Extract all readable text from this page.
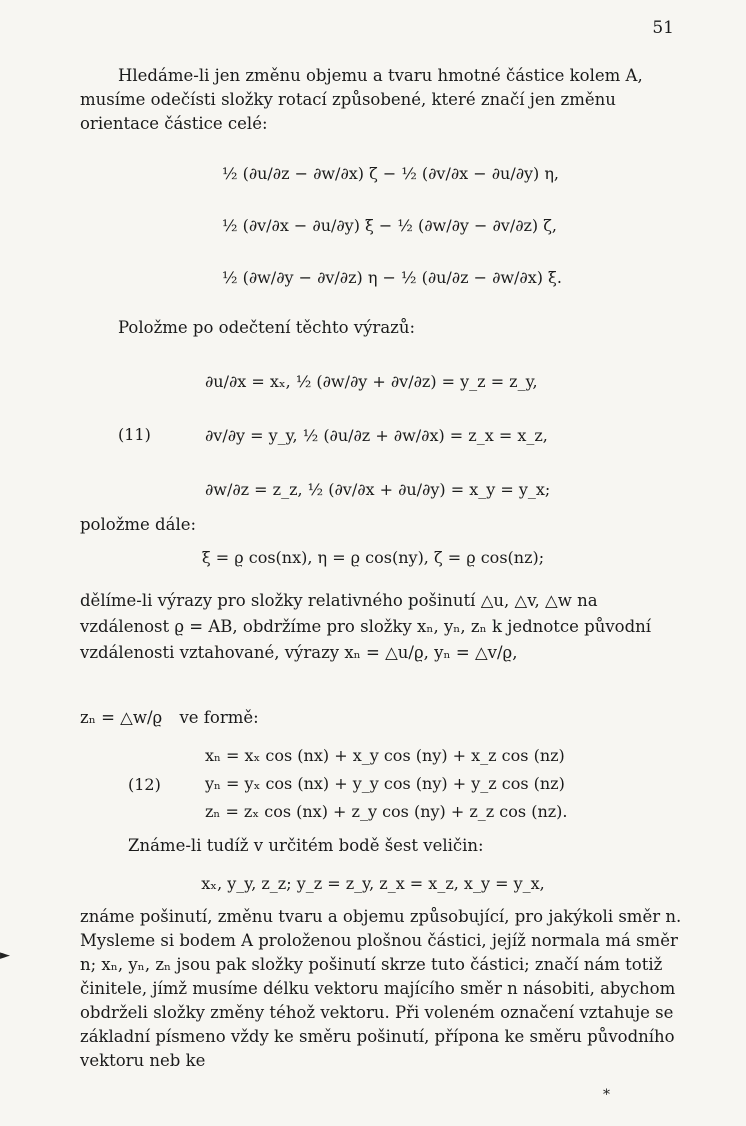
51

Hledáme-li jen změnu objemu a tvaru hmotné částice kolem A, musíme odečísti složky rotací způsobené, které značí jen změnu orientace částice celé:

½ (∂u/∂z − ∂w/∂x) ζ − ½ (∂v/∂x − ∂u/∂y) η,
½ (∂v/∂x − ∂u/∂y) ξ − ½ (∂w/∂y − ∂v/∂z) ζ,
½ (∂w/∂y − ∂v/∂z) η − ½ (∂u/∂z − ∂w/∂x) ξ.
Položme po odečtení těchto výrazů:
(11)
∂u/∂x = xₓ, ½ (∂w/∂y + ∂v/∂z) = y_z = z_y,
∂v/∂y = y_y, ½ (∂u/∂z + ∂w/∂x) = z_x = x_z,
∂w/∂z = z_z, ½ (∂v/∂x + ∂u/∂y) = x_y = y_x;
položme dále:
ξ = ϱ cos(nx), η = ϱ cos(ny), ζ = ϱ cos(nz);

dělíme-li výrazy pro složky relativného pošinutí △u, △v, △w na vzdálenost ϱ = AB, obdržíme pro složky xₙ, yₙ, zₙ k jednotce původní vzdálenosti vztahované, výrazy xₙ = △u/ϱ, yₙ = △v/ϱ,

zₙ = △w/ϱ ve formě:
(12)
xₙ = xₓ cos (nx) + x_y cos (ny) + x_z cos (nz)
yₙ = yₓ cos (nx) + y_y cos (ny) + y_z cos (nz)
zₙ = zₓ cos (nx) + z_y cos (ny) + z_z cos (nz).
Známe-li tudíž v určitém bodě šest veličin:
xₓ, y_y, z_z; y_z = z_y, z_x = x_z, x_y = y_x,

známe pošinutí, změnu tvaru a objemu způsobující, pro jakýkoli směr n. Mysleme si bodem A proloženou plošnou částici, jejíž normala má směr n; xₙ, yₙ, zₙ jsou pak složky pošinutí skrze tuto částici; značí nám totiž činitele, jímž musíme délku vektoru majícího směr n násobiti, abychom obdrželi složky změny téhož vektoru. Při voleném označení vztahuje se základní písmeno vždy ke směru pošinutí, přípona ke směru původního vektoru neb ke

►
*
